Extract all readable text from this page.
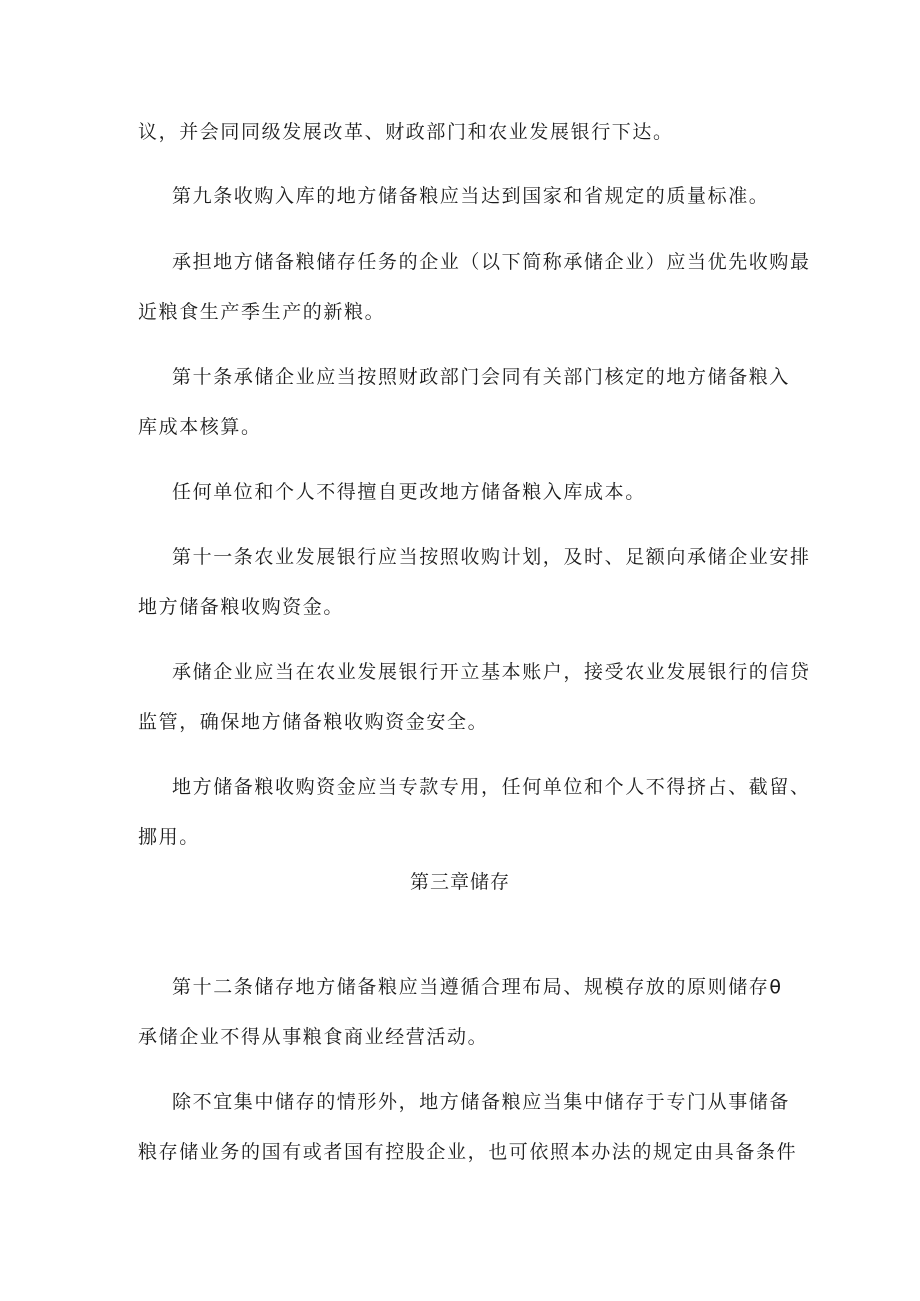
议，并会同同级发展改革、财政部门和农业发展银行下达。
第九条收购入库的地方储备粮应当达到国家和省规定的质量标准。
承担地方储备粮储存任务的企业（以下简称承储企业）应当优先收购最
近粮食生产季生产的新粮。
第十条承储企业应当按照财政部门会同有关部门核定的地方储备粮入
库成本核算。
任何单位和个人不得擅自更改地方储备粮入库成本。
第十一条农业发展银行应当按照收购计划，及时、足额向承储企业安排
地方储备粮收购资金。
承储企业应当在农业发展银行开立基本账户，接受农业发展银行的信贷
监管，确保地方储备粮收购资金安全。
地方储备粮收购资金应当专款专用，任何单位和个人不得挤占、截留、
挪用。
第三章储存
第十二条储存地方储备粮应当遵循合理布局、规模存放的原则储存θ
承储企业不得从事粮食商业经营活动。
除不宜集中储存的情形外，地方储备粮应当集中储存于专门从事储备
粮存储业务的国有或者国有控股企业，也可依照本办法的规定由具备条件
